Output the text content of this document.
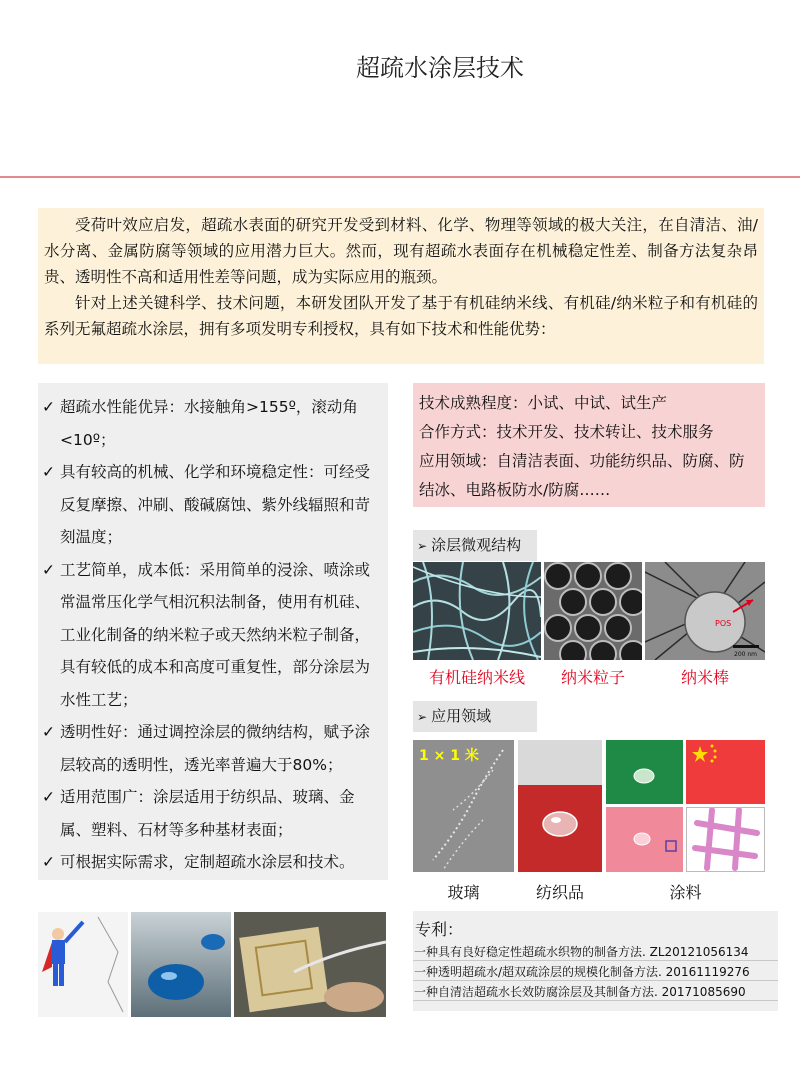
超疏水涂层技术

受荷叶效应启发，超疏水表面的研究开发受到材料、化学、物理等领域的极大关注，在自清洁、油/水分离、金属防腐等领域的应用潜力巨大。然而，现有超疏水表面存在机械稳定性差、制备方法复杂昂贵、透明性不高和适用性差等问题，成为实际应用的瓶颈。

针对上述关键科学、技术问题，本研发团队开发了基于有机硅纳米线、有机硅/纳米粒子和有机硅的系列无氟超疏水涂层，拥有多项发明专利授权，具有如下技术和性能优势：

✓ 超疏水性能优异：水接触角>155º，滚动角<10º；
✓ 具有较高的机械、化学和环境稳定性：可经受反复摩擦、冲刷、酸碱腐蚀、紫外线辐照和苛刻温度；
✓ 工艺简单，成本低：采用简单的浸涂、喷涂或常温常压化学气相沉积法制备，使用有机硅、工业化制备的纳米粒子或天然纳米粒子制备，具有较低的成本和高度可重复性，部分涂层为水性工艺；
✓ 透明性好：通过调控涂层的微纳结构，赋予涂层较高的透明性，透光率普遍大于80%；
✓ 适用范围广：涂层适用于纺织品、玻璃、金属、塑料、石材等多种基材表面；
✓ 可根据实际需求，定制超疏水涂层和技术。
技术成熟程度：小试、中试、试生产
合作方式：技术开发、技术转让、技术服务
应用领域：自清洁表面、功能纺织品、防腐、防结冰、电路板防水/防腐……
➢ 涂层微观结构
POS
200 nm
有机硅纳米线	纳米粒子	纳米棒
➢ 应用领域
1 × 1 米
玻璃	纺织品	涂料
专利：
一种具有良好稳定性超疏水织物的制备方法. ZL20121056134
一种透明超疏水/超双疏涂层的规模化制备方法. 20161119276
一种自清洁超疏水长效防腐涂层及其制备方法. 20171085690
